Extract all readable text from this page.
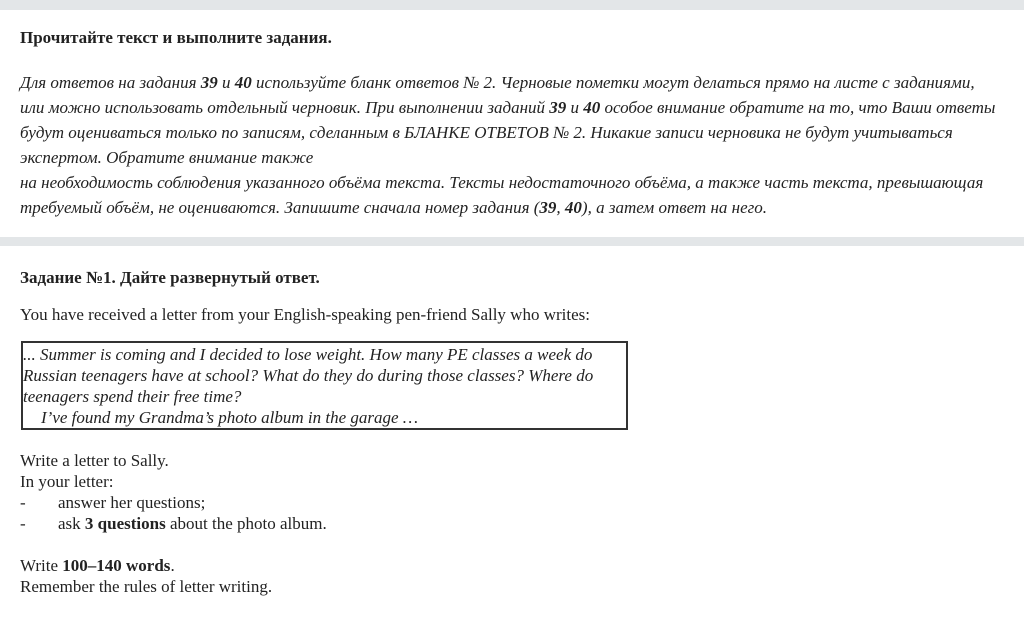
Прочитайте текст и выполните задания.

Для ответов на задания 39 и 40 используйте бланк ответов № 2. Черновые пометки могут делаться прямо на листе с заданиями, или можно использовать отдельный черновик. При выполнении заданий 39 и 40 особое внимание обратите на то, что Ваши ответы будут оцениваться только по записям, сделанным в БЛАНКЕ ОТВЕТОВ № 2. Никакие записи черновика не будут учитываться экспертом. Обратите внимание также

на необходимость соблюдения указанного объёма текста. Тексты недостаточного объёма, а также часть текста, превышающая требуемый объём, не оцениваются. Запишите сначала номер задания (39, 40), а затем ответ на него.

Задание №1. Дайте развернутый ответ.
You have received a letter from your English-speaking pen-friend Sally who writes:
... Summer is coming and I decided to lose weight. How many PE classes a week do Russian teenagers have at school? What do they do during those classes? Where do teenagers spend their free time?
I’ve found my Grandma’s photo album in the garage …
Write a letter to Sally.
In your letter:
-	answer her questions;
-	ask 3 questions about the photo album.
Write 100–140 words.
Remember the rules of letter writing.
